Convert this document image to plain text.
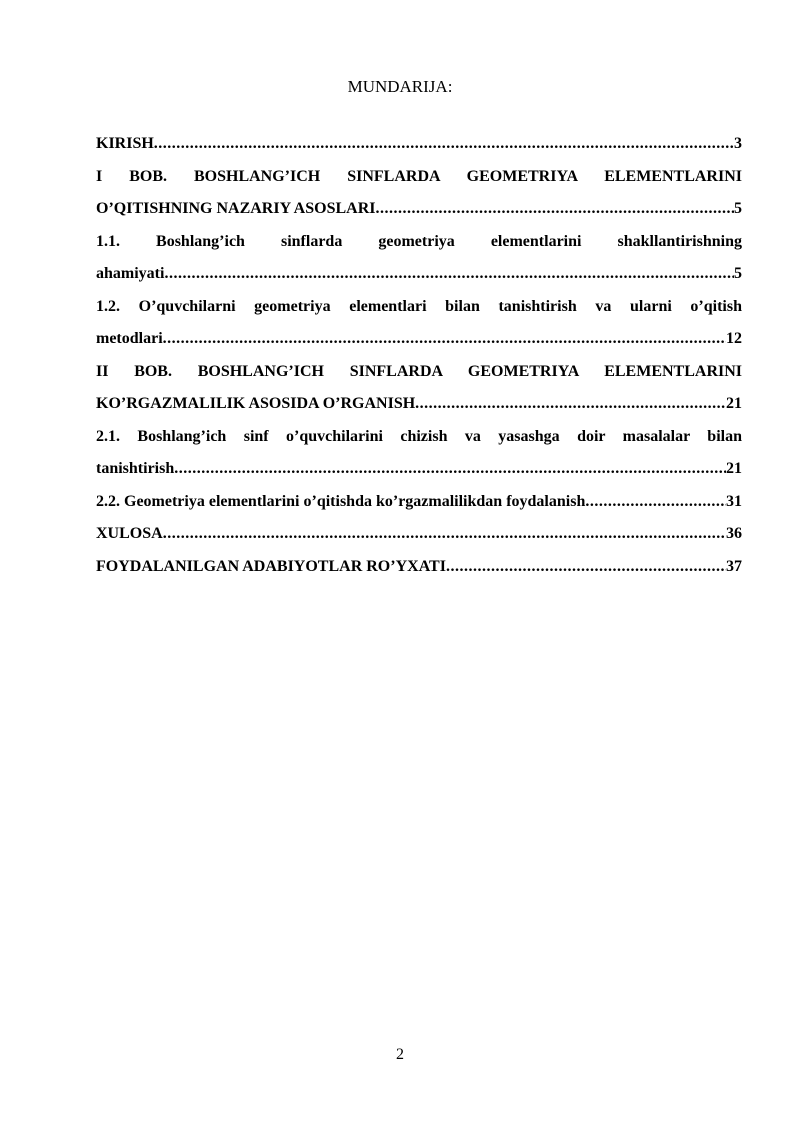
MUNDARIJA:
KIRISH .....	3
I BOB. BOSHLANG’ICH SINFLARDA GEOMETRIYA ELEMENTLARINI
O’QITISHNING NAZARIY ASOSLARI .....	5
1.1. Boshlang’ich sinflarda geometriya elementlarini shakllantirishning
ahamiyati .....	5
1.2. O’quvchilarni geometriya elementlari bilan tanishtirish va ularni o’qitish
metodlari .....	12
II BOB. BOSHLANG’ICH SINFLARDA GEOMETRIYA ELEMENTLARINI
KO’RGAZMALILIK ASOSIDA O’RGANISH .....	21
2.1. Boshlang’ich sinf o’quvchilarini chizish va yasashga doir masalalar bilan
tanishtirish .....	21
2.2. Geometriya elementlarini o’qitishda ko’rgazmalilikdan foydalanish .....	31
XULOSA .....	36
FOYDALANILGAN ADABIYOTLAR RO’YXATI .....	37
2
